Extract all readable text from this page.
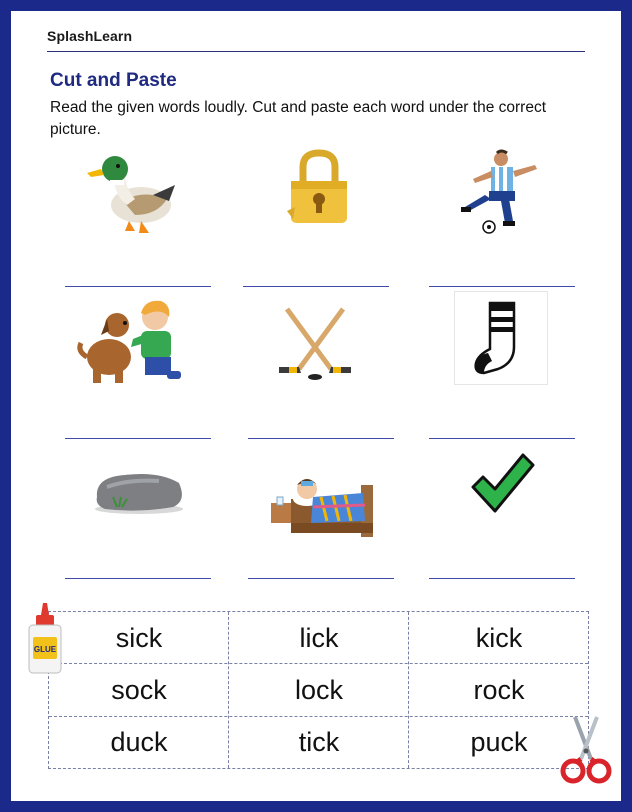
SplashLearn
Cut and Paste
Read the given words loudly. Cut and paste each word under the correct picture.
sick	lick	kick
sock	lock	rock
duck	tick	puck
GLUE
